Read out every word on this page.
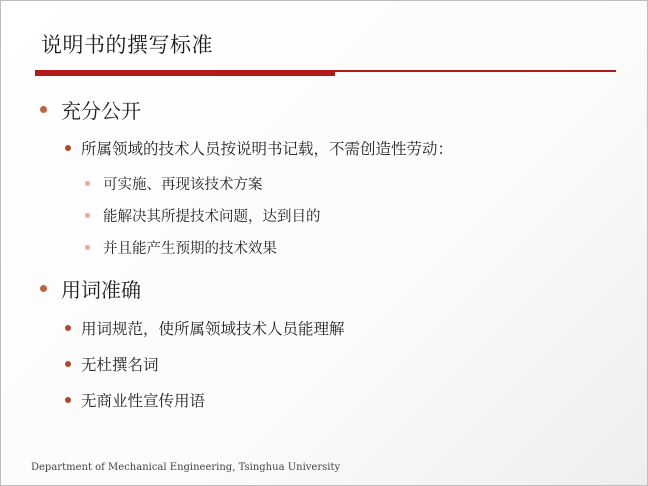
说明书的撰写标准
充分公开
所属领域的技术人员按说明书记载，不需创造性劳动：
可实施、再现该技术方案
能解决其所提技术问题，达到目的
并且能产生预期的技术效果
用词准确
用词规范，使所属领域技术人员能理解
无杜撰名词
无商业性宣传用语
Department of Mechanical Engineering, Tsinghua University
